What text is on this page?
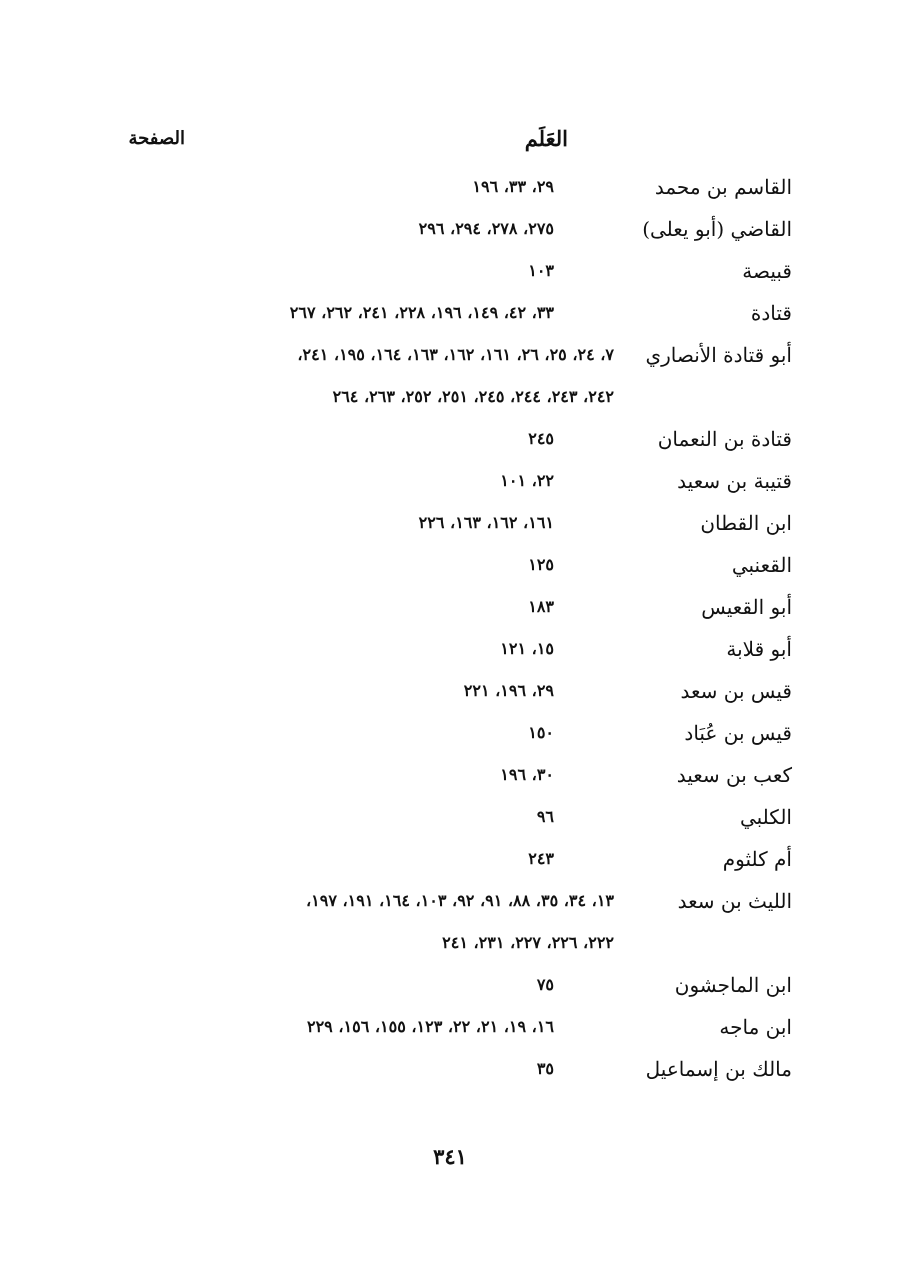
العَلَم
الصفحة
القاسم بن محمد
٢٩، ٣٣، ١٩٦
القاضي (أبو يعلى)
٢٧٥، ٢٧٨، ٢٩٤، ٢٩٦
قبيصة
١٠٣
قتادة
٣٣، ٤٢، ١٤٩، ١٩٦، ٢٢٨، ٢٤١، ٢٦٢، ٢٦٧
أبو قتادة الأنصاري
٧، ٢٤، ٢٥، ٢٦، ١٦١، ١٦٢، ١٦٣، ١٦٤، ١٩٥، ٢٤١،
٢٤٢، ٢٤٣، ٢٤٤، ٢٤٥، ٢٥١، ٢٥٢، ٢٦٣، ٢٦٤
قتادة بن النعمان
٢٤٥
قتيبة بن سعيد
٢٢، ١٠١
ابن القطان
١٦١، ١٦٢، ١٦٣، ٢٢٦
القعنبي
١٢٥
أبو القعيس
١٨٣
أبو قلابة
١٥، ١٢١
قيس بن سعد
٢٩، ١٩٦، ٢٢١
قيس بن عُبَاد
١٥٠
كعب بن سعيد
٣٠، ١٩٦
الكلبي
٩٦
أم كلثوم
٢٤٣
الليث بن سعد
١٣، ٣٤، ٣٥، ٨٨، ٩١، ٩٢، ١٠٣، ١٦٤، ١٩١، ١٩٧،
٢٢٢، ٢٢٦، ٢٢٧، ٢٣١، ٢٤١
ابن الماجشون
٧٥
ابن ماجه
١٦، ١٩، ٢١، ٢٢، ١٢٣، ١٥٥، ١٥٦، ٢٢٩
مالك بن إسماعيل
٣٥
٣٤١
